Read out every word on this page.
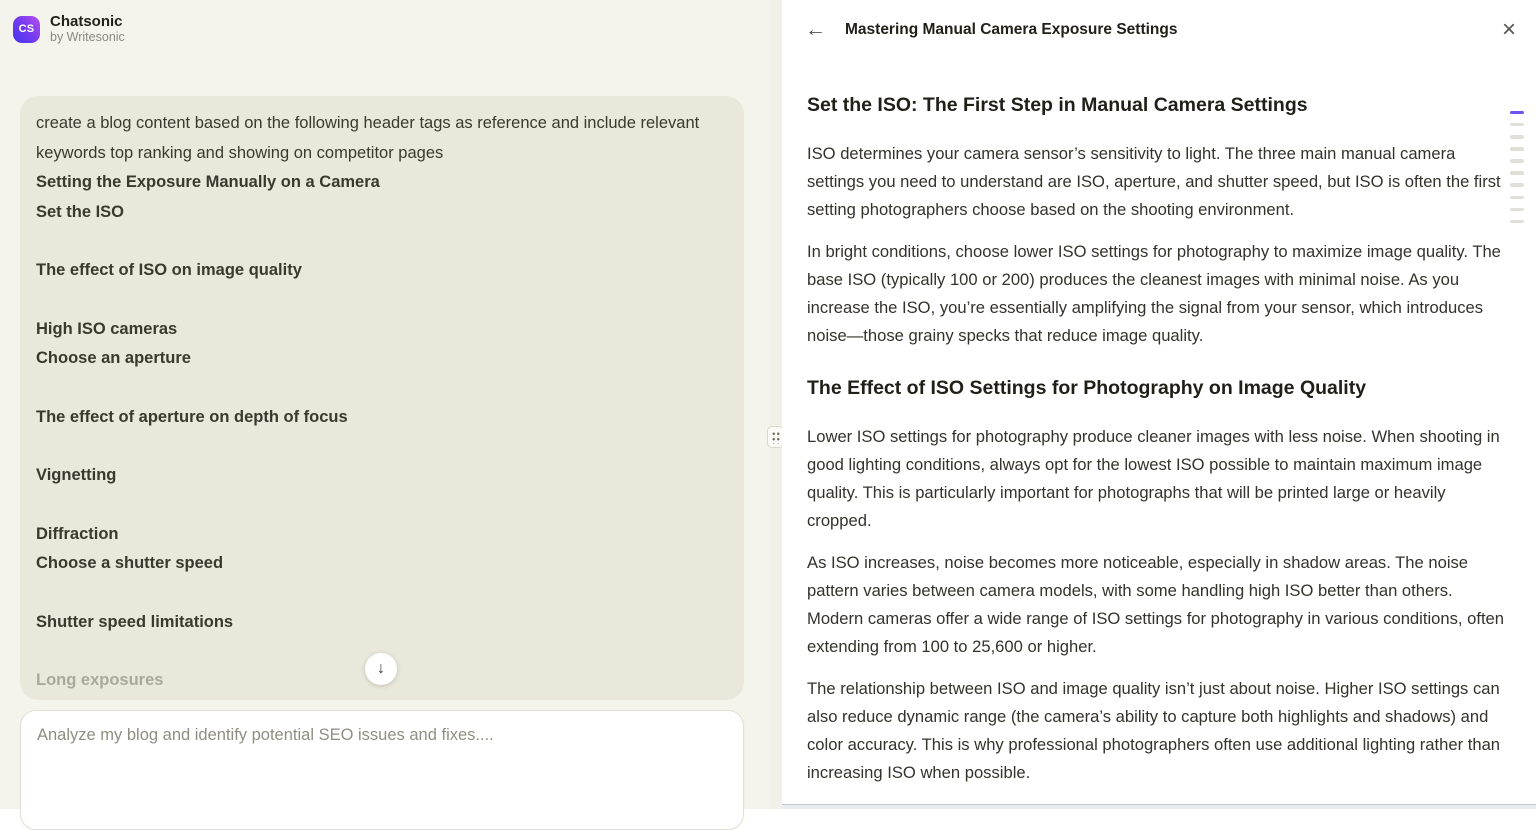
CS	Chatsonic
by Writesonic
create a blog content based on the following header tags as reference and include relevant keywords top ranking and showing on competitor pages
Setting the Exposure Manually on a Camera
Set the ISO
The effect of ISO on image quality
High ISO cameras
Choose an aperture
The effect of aperture on depth of focus
Vignetting
Diffraction
Choose a shutter speed
Shutter speed limitations
Long exposures
↓
Analyze my blog and identify potential SEO issues and fixes....
←	Mastering Manual Camera Exposure Settings	×
Set the ISO: The First Step in Manual Camera Settings

ISO determines your camera sensor’s sensitivity to light. The three main manual camera settings you need to understand are ISO, aperture, and shutter speed, but ISO is often the first setting photographers choose based on the shooting environment.

In bright conditions, choose lower ISO settings for photography to maximize image quality. The base ISO (typically 100 or 200) produces the cleanest images with minimal noise. As you increase the ISO, you’re essentially amplifying the signal from your sensor, which introduces noise—those grainy specks that reduce image quality.

The Effect of ISO Settings for Photography on Image Quality

Lower ISO settings for photography produce cleaner images with less noise. When shooting in good lighting conditions, always opt for the lowest ISO possible to maintain maximum image quality. This is particularly important for photographs that will be printed large or heavily cropped.

As ISO increases, noise becomes more noticeable, especially in shadow areas. The noise pattern varies between camera models, with some handling high ISO better than others. Modern cameras offer a wide range of ISO settings for photography in various conditions, often extending from 100 to 25,600 or higher.

The relationship between ISO and image quality isn’t just about noise. Higher ISO settings can also reduce dynamic range (the camera’s ability to capture both highlights and shadows) and color accuracy. This is why professional photographers often use additional lighting rather than increasing ISO when possible.
